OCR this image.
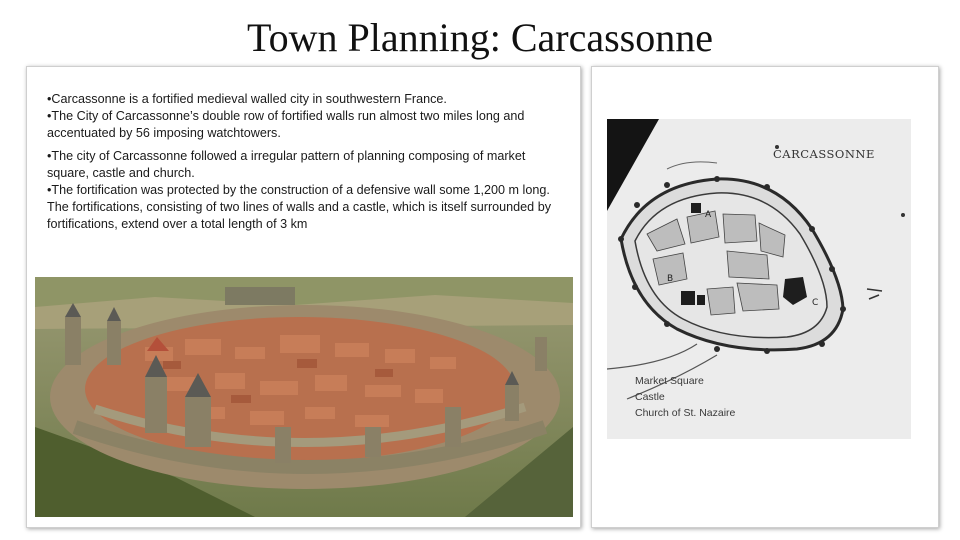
Town Planning: Carcassonne

•Carcassonne is a fortified medieval walled city in southwestern France.

•The City of Carcassonne’s double row of fortified walls run almost two miles long and accentuated by 56 imposing watchtowers.

•The city of Carcassonne followed a irregular pattern of planning composing of market square, castle and church.

•The fortification was protected by the construction of a defensive wall some 1,200 m long. The fortifications, consisting of two lines of walls and a castle, which is itself surrounded by fortifications, extend over a total length of 3 km

A
B
C
CARCASSONNE
Market Square
Castle
Church of St. Nazaire
